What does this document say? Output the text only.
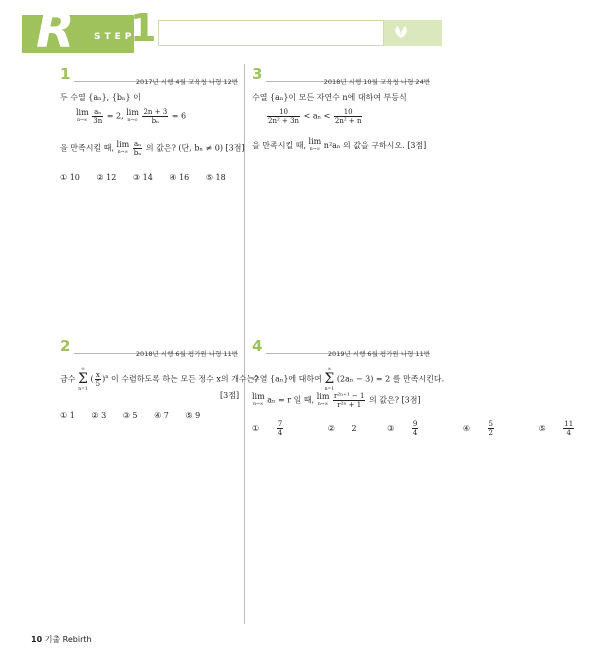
R STEP
1
1	2017년 시행 4월 교육청 나형 12번
두 수열 {aₙ}, {bₙ} 이
lim
n→∞
$\frac{\text{aₙ}}{3n} = 2$, lim
n→∞
$\frac{2n + 3}{\text{bₙ}} = 6$
을 만족시킬 때, lim
n→∞
$\frac{\text{aₙ}}{\text{bₙ}}$ 의 값은? (단, bₙ ≠ 0) [3점]
① 10 ② 12 ③ 14 ④ 16 ⑤ 18
3	2018년 시행 10월 교육청 나형 24번
수열 {aₙ}이 모든 자연수 n에 대하여 부등식
$\frac{10}{\text{2n² + 3n}} < a_n < \frac{10}{\text{2n² + n}}$
을 만족시킬 때, lim
n→∞ n²aₙ 의 값을 구하시오. [3점]
2	2018년 시행 6월 평가원 나형 11번
급수
∞
Σ
n=1
( $\frac{x}{5} )^n$ 이 수렴하도록 하는 모든 정수 x의 개수는?
[3점]
① 1 ② 3 ③ 5 ④ 7 ⑤ 9
4	2019년 시행 6월 평가원 나형 11번
수열 {aₙ}에 대하여
∞
Σ
n=1
(2aₙ − 3) = 2 를 만족시킨다.
lim
n→∞ aₙ = r 일 때, lim
n→∞
$\frac{\text{r²ⁿ⁺¹ − 1}}{\text{r²ⁿ + 1}}$ 의 값은? [3점]
①	$\frac{7}{4}$	② 2	③	$\frac{9}{4}$	④	$\frac{5}{2}$	⑤	$\frac{11}{4}$
10 기출 Rebirth
